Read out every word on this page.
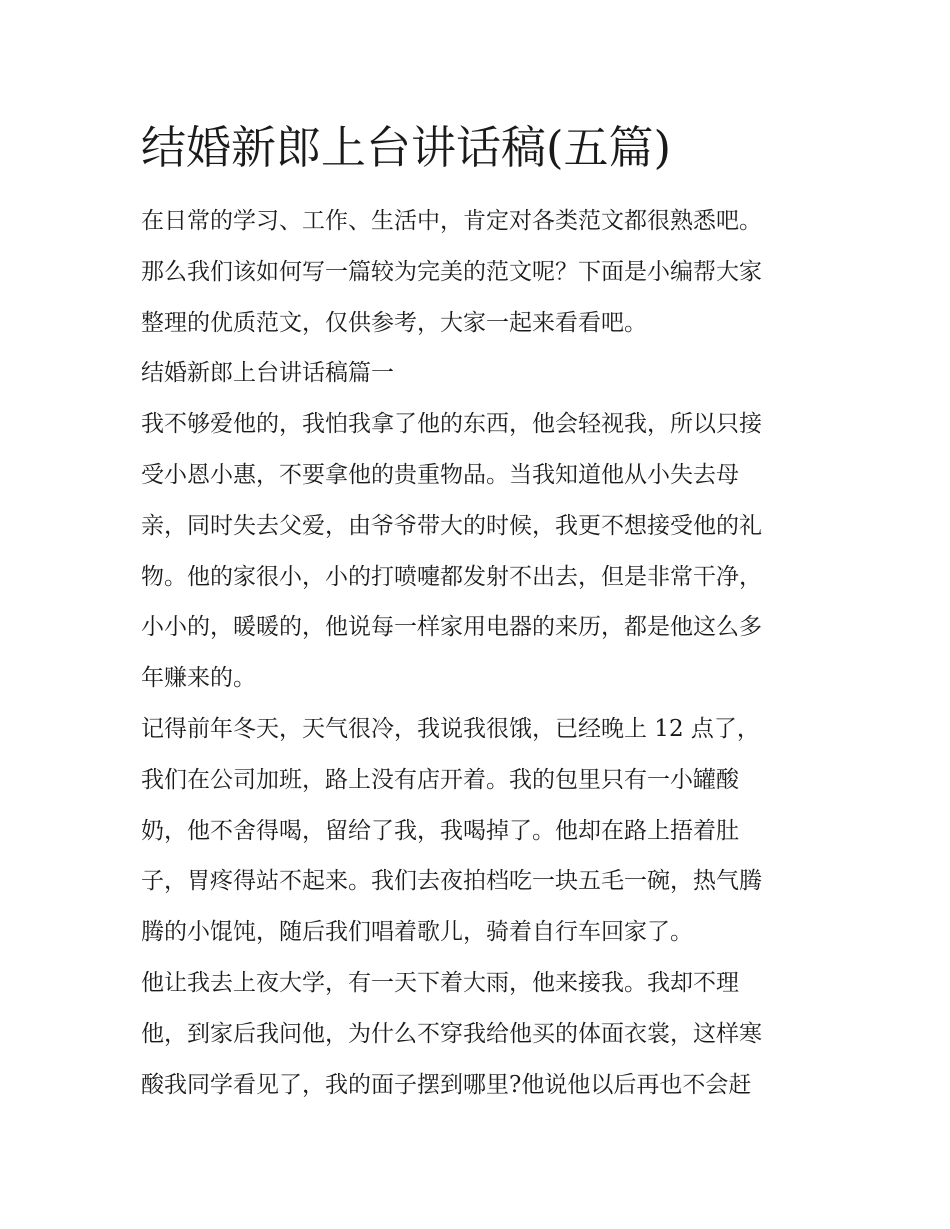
结婚新郎上台讲话稿(五篇)
在日常的学习、工作、生活中，肯定对各类范文都很熟悉吧。
那么我们该如何写一篇较为完美的范文呢？下面是小编帮大家
整理的优质范文，仅供参考，大家一起来看看吧。
结婚新郎上台讲话稿篇一
我不够爱他的，我怕我拿了他的东西，他会轻视我，所以只接
受小恩小惠，不要拿他的贵重物品。当我知道他从小失去母
亲，同时失去父爱，由爷爷带大的时候，我更不想接受他的礼
物。他的家很小，小的打喷嚏都发射不出去，但是非常干净，
小小的，暖暖的，他说每一样家用电器的来历，都是他这么多
年赚来的。
记得前年冬天，天气很冷，我说我很饿，已经晚上 12 点了，
我们在公司加班，路上没有店开着。我的包里只有一小罐酸
奶，他不舍得喝，留给了我，我喝掉了。他却在路上捂着肚
子，胃疼得站不起来。我们去夜拍档吃一块五毛一碗，热气腾
腾的小馄饨，随后我们唱着歌儿，骑着自行车回家了。
他让我去上夜大学，有一天下着大雨，他来接我。我却不理
他，到家后我问他，为什么不穿我给他买的体面衣裳，这样寒
酸我同学看见了，我的面子摆到哪里?他说他以后再也不会赶
